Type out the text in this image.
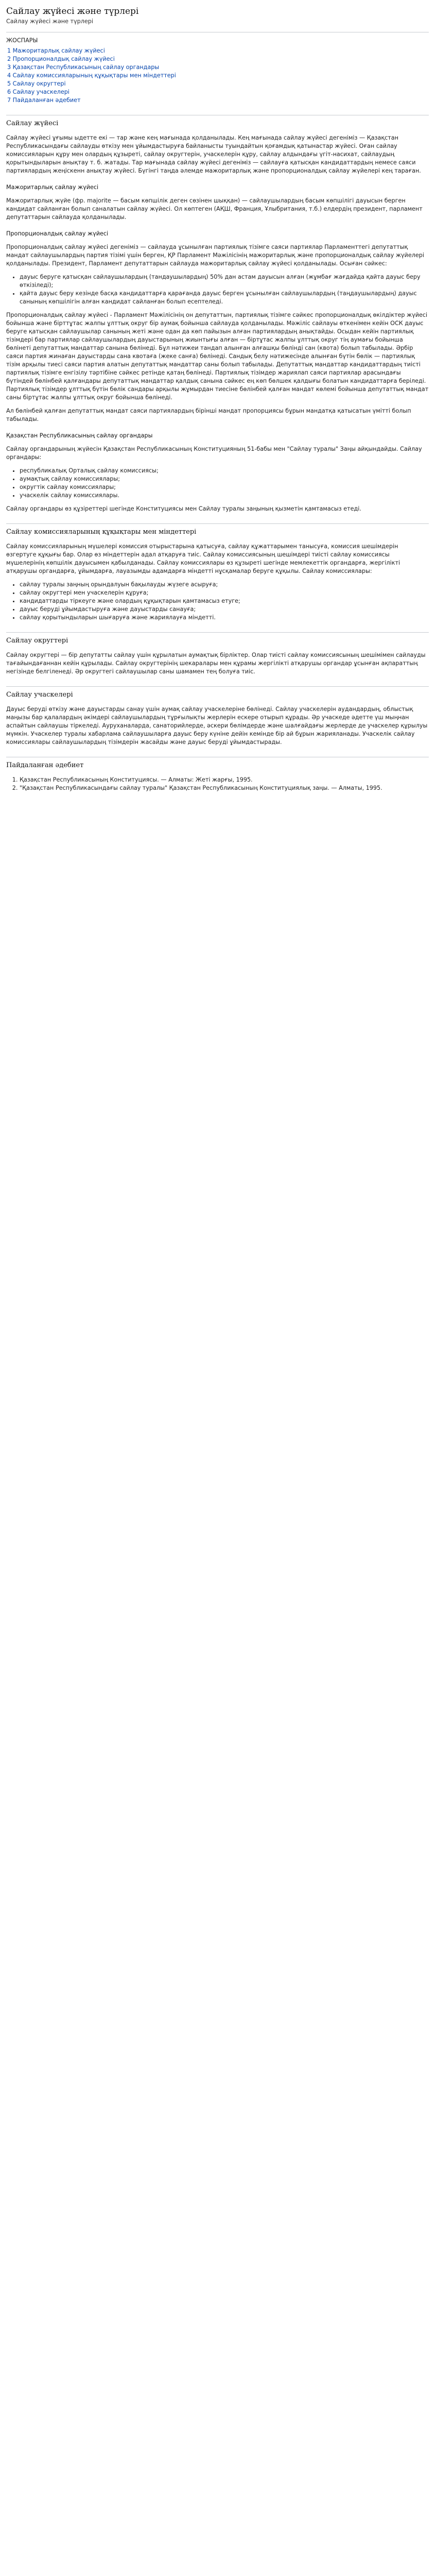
Сайлау жүйесі және түрлері
Сайлау жүйесі және түрлері
ЖОСПАРЫ
1 Мажоритарлық сайлау жүйесі
2 Пропорционалдық сайлау жүйесі
3 Қазақстан Республикасының сайлау органдары
4 Сайлау комиссияларының құқықтары мен міндеттері
5 Сайлау округтері
6 Сайлау учаскелері
7 Пайдаланған әдебиет
Сайлау жүйесі

Сайлау жүйесі ұғымы ыдетте екі — тар және кең мағынада қолданылады. Кең мағынада сайлау жүйесі дегеніміз — Қазақстан Республикасындағы сайлауды өткізу мен ұйымдастыруға байланысты туындайтын қоғамдық қатынастар жүйесі. Оған сайлау комиссияларын құру мен олардың құзыреті, сайлау округтерін, учаскелерін құру, сайлау алдындағы үгіт-насихат, сайлаудың қорытындыларын анықтау т. б. жатады. Тар мағынада сайлау жүйесі дегеніміз — сайлауға қатысқан кандидаттардың немесе саяси партиялардың жеңіскенн анықтау жүйесі. Бүгінгі таңда әлемде мажоритарлық және пропорционалдық сайлау жүйелері кең тараған.

Мажоритарлық сайлау жүйесі

Мажоритарлық жүйе (фр. majorite — басым көпшілік деген сөзінен шыққан) — сайлаушылардың басым көпшілігі дауысын берген кандидат сайланған болып саналатын сайлау жүйесі. Ол көптеген (АҚШ, Франция, Ұлыбритания, т.б.) елдердің президент, парламент депутаттарын сайлауда қолданылады.

Пропорционалдық сайлау жүйесі

Пропорционалдық сайлау жүйесі дегеніміз — сайлауда ұсынылған партиялық тізімге саяси партиялар Парламенттегі депутаттық мандат сайлаушылардың партия тізімі үшін берген, ҚР Парламент Мәжілісінің мажоритарлық және пропорционалдық сайлау жүйелері қолданылады. Президент, Парламент депутаттарын сайлауда мажоритарлық сайлау жүйесі қолданылады. Осыған сәйкес:

• дауыс беруге қатысқан сайлаушылардың (тандаушылардың) 50% дан астам дауысын алған (жұмбағ жағдайда қайта дауыс беру өткізіледі);
• қайта дауыс беру кезінде басқа кандидаттарға қарағанда дауыс берген ұсынылған сайлаушылардың (таңдаушылардың) дауыс санының көпшілігін алған кандидат сайланған болып есептеледі.

Пропорционалдық сайлау жүйесі - Парламент Мәжілісінің он депутаттын, партиялық тізімге сәйкес пропорционалдық өкілдіктер жүйесі бойынша және бірттұтас жалпы ұлттық округ бір аумақ бойынша сайлауда қолданылады. Мәжіліс сайлауы өткенімен кейін ОСК дауыс беруге қатысқан сайлаушылар санының жеті және одан да көп пайызын алған партиялардың анықтайды. Осыдан кейін партиялық тізімдері бар партиялар сайлаушылардың дауыстарының жиынтығы алған — біртұтас жалпы ұлттық округ тің аумағы бойынша бөлінеті депутаттық мандаттар санына бөлінеді. Бұл нәтижеи тандап алынған алғашқы бөлінді сан (квота) болып табылады. Әрбір саяси партия жинаған дауыстарды сана квотаға (жеке санға) бөлінеді. Сандық белу нәтижесінде алынған бүтін бөлік — партиялық тізім арқылы тиесі саяси партия алатын депутаттық мандаттар саны болып табылады. Депутаттық мандаттар кандидаттардың тиісті партиялық тізімге енгізілу тәртібіне сәйкес ретінде қатаң бөлінеді. Партиялық тізімдер жариялап саяси партиялар арасындағы бүтіндей бөлінбей қалғандары депутаттық мандаттар қалдық санына сәйкес ең көп бөлшек қалдығы болатын кандидаттарға беріледі. Партиялық тізімдер ұлттық бүтін бөлік сандары арқылы жұмырдан тиесіне бөлінбей қалған мандат көлемі бойынша депутаттық мандат саны біртұтас жалпы ұлттық округ бойынша бөлінеді.

Ал бөлінбей қалған депутаттық мандат саяси партиялардың бірінші мандат пропорциясы бұрын мандатқа қатысатын үмітті болып табылады.

Қазақстан Республикасының сайлау органдары

Сайлау органдарының жүйесін Қазақстан Республикасының Конституцияның 51-бабы мен "Сайлау туралы" Заңы айқындайды. Сайлау органдары:

• республикалық Орталық сайлау комиссиясы;
• аумақтық сайлау комиссиялары;
• округтік сайлау комиссиялары;
• учаскелік сайлау комиссиялары.

Сайлау органдары өз құзіреттері шегінде Конституциясы мен Сайлау туралы заңының қызметін қамтамасыз етеді.

Сайлау комиссияларының құқықтары мен міндеттері

Сайлау комиссияларының мүшелері комиссия отырыстарына қатысуға, сайлау құжаттарымен танысуға, комиссия шешімдерін өзгертуге құқығы бар. Олар өз міндеттерін адал атқаруға тиіс. Сайлау комиссиясының шешімдері тиісті сайлау комиссиясы мүшелерінің көпшілік дауысымен қабылданады. Сайлау комиссиялары өз құзыреті шегінде мемлекеттік органдарға, жергілікті атқарушы органдарға, ұйымдарға, лауазымды адамдарға міндетті нұсқамалар беруге құқылы. Сайлау комиссиялары:

• сайлау туралы заңның орындалуын бақылауды жүзеге асыруға;
• сайлау округтері мен учаскелерін құруға;
• кандидаттарды тіркеуге және олардың құқықтарын қамтамасыз етуге;
• дауыс беруді ұйымдастыруға және дауыстарды санауға;
• сайлау қорытындыларын шығаруға және жариялауға міндетті.
Сайлау округтері

Сайлау округтері — бір депутатты сайлау үшін құрылатын аумақтық бірліктер. Олар тиісті сайлау комиссиясының шешімімен сайлауды тағайындағаннан кейін құрылады. Сайлау округтерінің шекаралары мен құрамы жергілікті атқарушы органдар ұсынған ақпараттың негізінде белгіленеді. Әр округтегі сайлаушылар саны шамамен тең болуға тиіс.

Сайлау учаскелері

Дауыс беруді өткізу және дауыстарды санау үшін аумақ сайлау учаскелеріне бөлінеді. Сайлау учаскелерін аудандардың, облыстық маңызы бар қалалардың әкімдері сайлаушылардың тұрғылықты жерлерін ескере отырып құрады. Әр учаскеде әдетте үш мыңнан аспайтын сайлаушы тіркеледі. Ауруханаларда, санаторийлерде, әскери бөлімдерде және шалғайдағы жерлерде де учаскелер құрылуы мүмкін. Учаскелер туралы хабарлама сайлаушыларға дауыс беру күніне дейін кемінде бір ай бұрын жарияланады. Учаскелік сайлау комиссиялары сайлаушылардың тізімдерін жасайды және дауыс беруді ұйымдастырады.

Пайдаланған әдебиет
1. Қазақстан Республикасының Конституциясы. — Алматы: Жеті жарғы, 1995.
2. "Қазақстан Республикасындағы сайлау туралы" Қазақстан Республикасының Конституциялық заңы. — Алматы, 1995.
